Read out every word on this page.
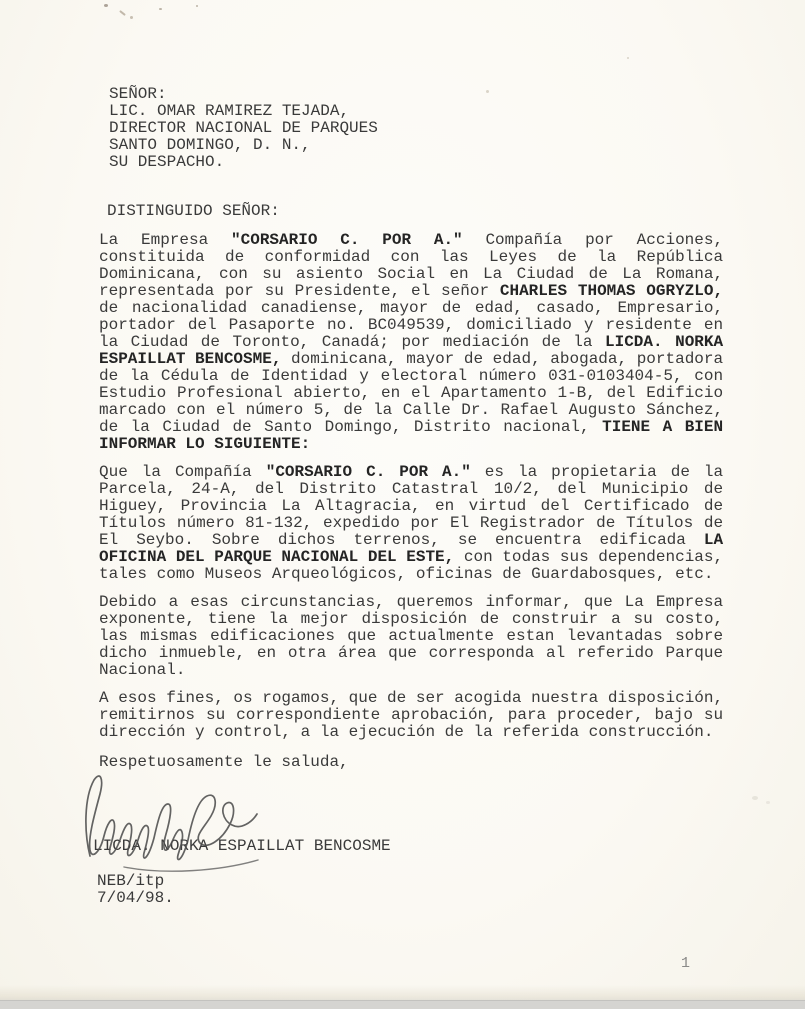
SEÑOR:
LIC. OMAR RAMIREZ TEJADA,
DIRECTOR NACIONAL DE PARQUES
SANTO DOMINGO, D. N.,
SU DESPACHO.
DISTINGUIDO SEÑOR:

La Empresa "CORSARIO C. POR A." Compañía por Acciones, constituida de conformidad con las Leyes de la República Dominicana, con su asiento Social en La Ciudad de La Romana, representada por su Presidente, el señor CHARLES THOMAS OGRYZLO, de nacionalidad canadiense, mayor de edad, casado, Empresario, portador del Pasaporte no. BC049539, domiciliado y residente en la Ciudad de Toronto, Canadá; por mediación de la LICDA. NORKA ESPAILLAT BENCOSME, dominicana, mayor de edad, abogada, portadora de la Cédula de Identidad y electoral número 031-0103404-5, con Estudio Profesional abierto, en el Apartamento 1-B, del Edificio marcado con el número 5, de la Calle Dr. Rafael Augusto Sánchez, de la Ciudad de Santo Domingo, Distrito nacional, TIENE A BIEN INFORMAR LO SIGUIENTE:

Que la Compañía "CORSARIO C. POR A." es la propietaria de la Parcela, 24-A, del Distrito Catastral 10/2, del Municipio de Higuey, Provincia La Altagracia, en virtud del Certificado de Títulos número 81-132, expedido por El Registrador de Títulos de El Seybo. Sobre dichos terrenos, se encuentra edificada LA OFICINA DEL PARQUE NACIONAL DEL ESTE, con todas sus dependencias, tales como Museos Arqueológicos, oficinas de Guardabosques, etc.

Debido a esas circunstancias, queremos informar, que La Empresa exponente, tiene la mejor disposición de construir a su costo, las mismas edificaciones que actualmente estan levantadas sobre dicho inmueble, en otra área que corresponda al referido Parque Nacional.

A esos fines, os rogamos, que de ser acogida nuestra disposición, remitirnos su correspondiente aprobación, para proceder, bajo su dirección y control, a la ejecución de la referida construcción.

Respetuosamente le saluda,
LICDA. NORKA ESPAILLAT BENCOSME
NEB/itp
7/04/98.
1
